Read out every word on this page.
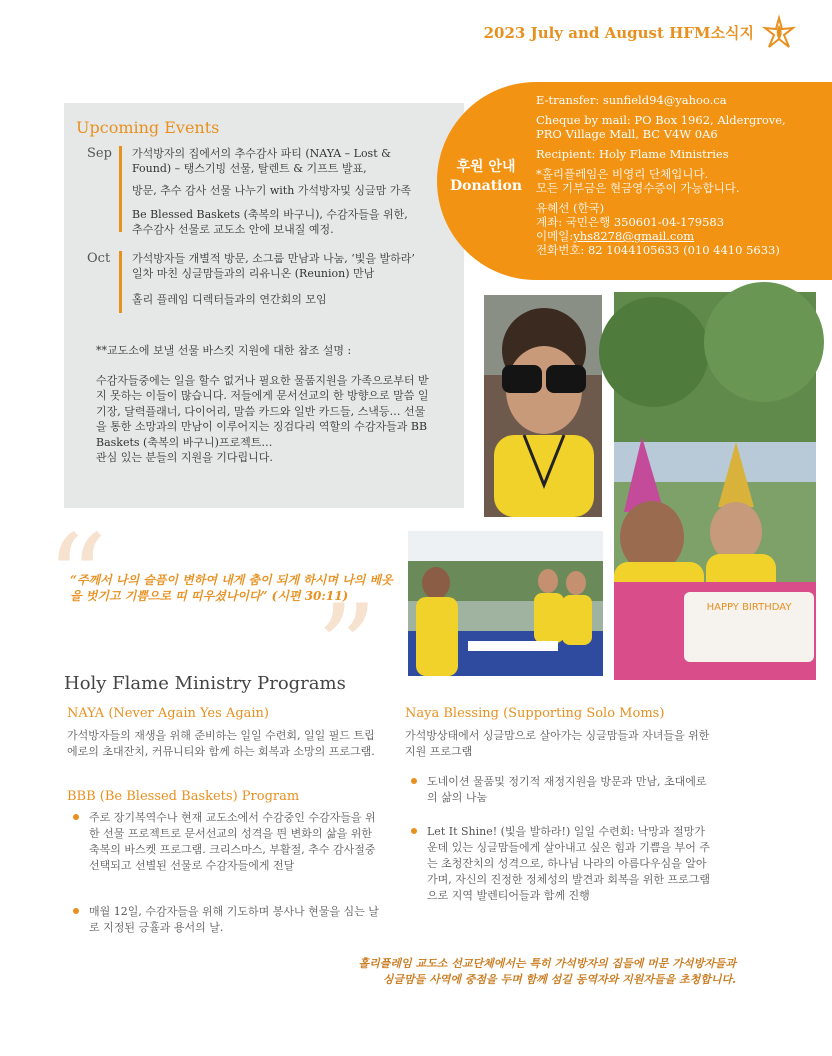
2023 July and August HFM소식지
Upcoming Events
Sep 가석방자의 집에서의 추수감사 파티 (NAYA – Lost & Found) – 탱스기빙 선물, 탈렌트 & 기프트 발표,
방문, 추수 감사 선물 나누기 with 가석방자및 싱글맘 가족
Be Blessed Baskets (축복의 바구니), 수감자들을 위한, 추수감사 선물로 교도소 안에 보내질 예정.
Oct 가석방자들 개별적 방문, 소그룹 만남과 나눔, ‘빛을 발하라’ 일차 마친 싱글맘들과의 리유니온 (Reunion) 만남
홀리 플레임 디렉터들과의 연간회의 모임

**교도소에 보낼 선물 바스킷 지원에 대한 참조 설명 :

수감자들중에는 일을 할수 없거나 필요한 물품지원을 가족으로부터 받지 못하는 이들이 많습니다. 저들에게 문서선교의 한 방향으로 말씀 일기장, 달력플래너, 다이어리, 말씀 카드와 일반 카드들, 스낵등… 선물을 통한 소망과의 만남이 이루어지는 징검다리 역할의 수감자들과 BB Baskets (축복의 바구니)프로젝트…

관심 있는 분들의 지원을 기다립니다.

후원 안내
Donation

E-transfer: sunfield94@yahoo.ca

Cheque by mail: PO Box 1962, Aldergrove, PRO Village Mall, BC V4W 0A6

Recipient: Holy Flame Ministries

*홀리플레임은 비영리 단체입니다.

모든 기부금은 현금영수증이 가능합니다.

유혜선 (한국)
계좌: 국민은행 350601-04-179583
이메일:yhs8278@gmail.com
전화번호: 82 1044105633 (010 4410 5633)
HAPPY BIRTHDAY
“
”
“주께서 나의 슬픔이 변하여 내게 춤이 되게 하시며 나의 베옷을 벗기고 기쁨으로 띠 띠우셨나이다” (시편 30:11)
Holy Flame Ministry Programs
NAYA (Never Again Yes Again)
가석방자들의 재생을 위해 준비하는 일일 수련회, 일일 필드 트립에로의 초대잔치, 커뮤니티와 함께 하는 회복과 소망의 프로그램.
BBB (Be Blessed Baskets) Program
주로 장기복역수나 현재 교도소에서 수감중인 수감자들을 위한 선물 프로젝트로 문서선교의 성격을 띈 변화의 삶을 위한 축복의 바스켓 프로그램. 크리스마스, 부활절, 추수 감사절중 선택되고 선별된 선물로 수감자들에게 전달
매월 12일, 수감자들을 위해 기도하며 봉사나 현물을 심는 날로 지정된 긍휼과 용서의 날.
Naya Blessing (Supporting Solo Moms)
가석방상태에서 싱글맘으로 살아가는 싱글맘들과 자녀들을 위한 지원 프로그램
도네이션 물품및 정기적 재정지원을 방문과 만남, 초대에로의 삶의 나눔
Let It Shine! (빛을 발하라!) 일일 수련회: 낙망과 절망가운데 있는 싱글맘들에게 살아내고 싶은 힘과 기쁨을 부어 주는 초청잔치의 성격으로, 하나님 나라의 아름다우심을 알아가며, 자신의 진정한 정체성의 발견과 회복을 위한 프로그램으로 지역 발렌티어들과 함께 진행
홀리플레임 교도소 선교단체에서는 특히 가석방자의 집들에 머문 가석방자들과
싱글맘들 사역에 중점을 두며 함께 섬길 동역자와 지원자들을 초청합니다.
